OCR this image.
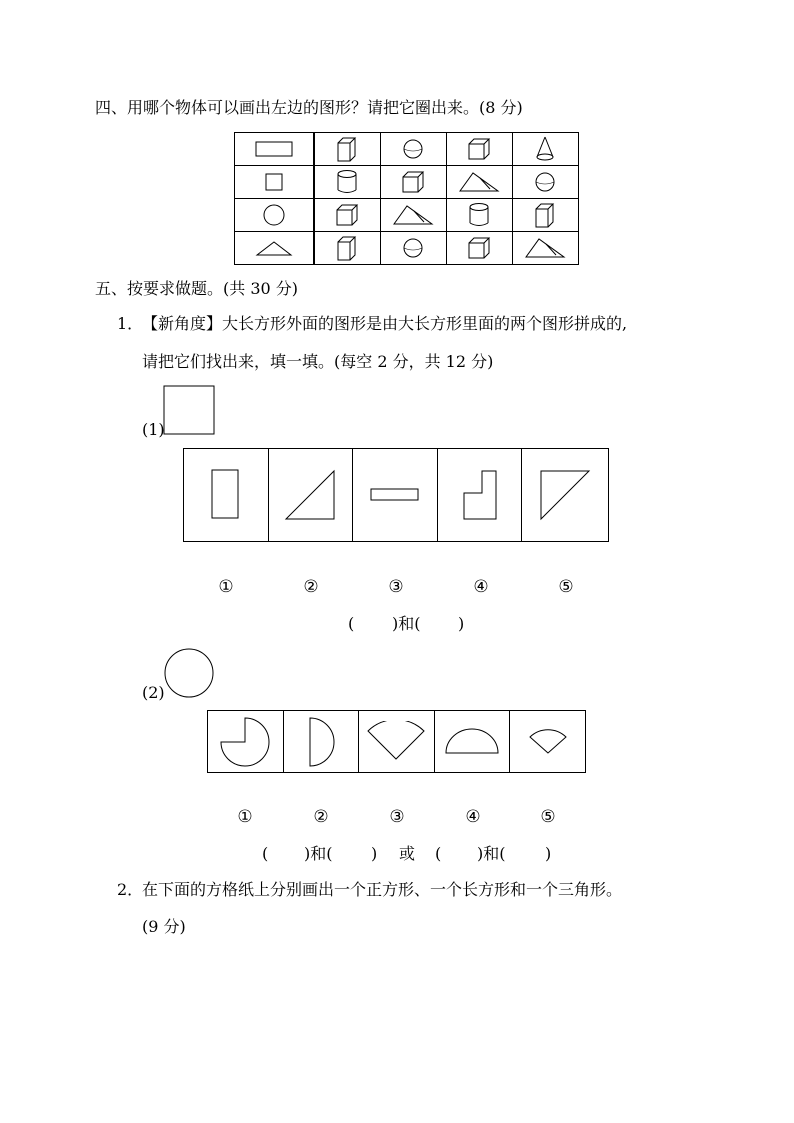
四、用哪个物体可以画出左边的图形？请把它圈出来。(8 分)

五、按要求做题。(共 30 分)
1．
【新角度】大长方形外面的图形是由大长方形里面的两个图形拼成的,
请把它们找出来，填一填。(每空 2 分，共 12 分)
(1)
①	②	③	④	⑤
( )和( )
(2)
①	②	③	④	⑤
( )和( ) 或 ( )和( )
2．
在下面的方格纸上分别画出一个正方形、一个长方形和一个三角形。
(9 分)
